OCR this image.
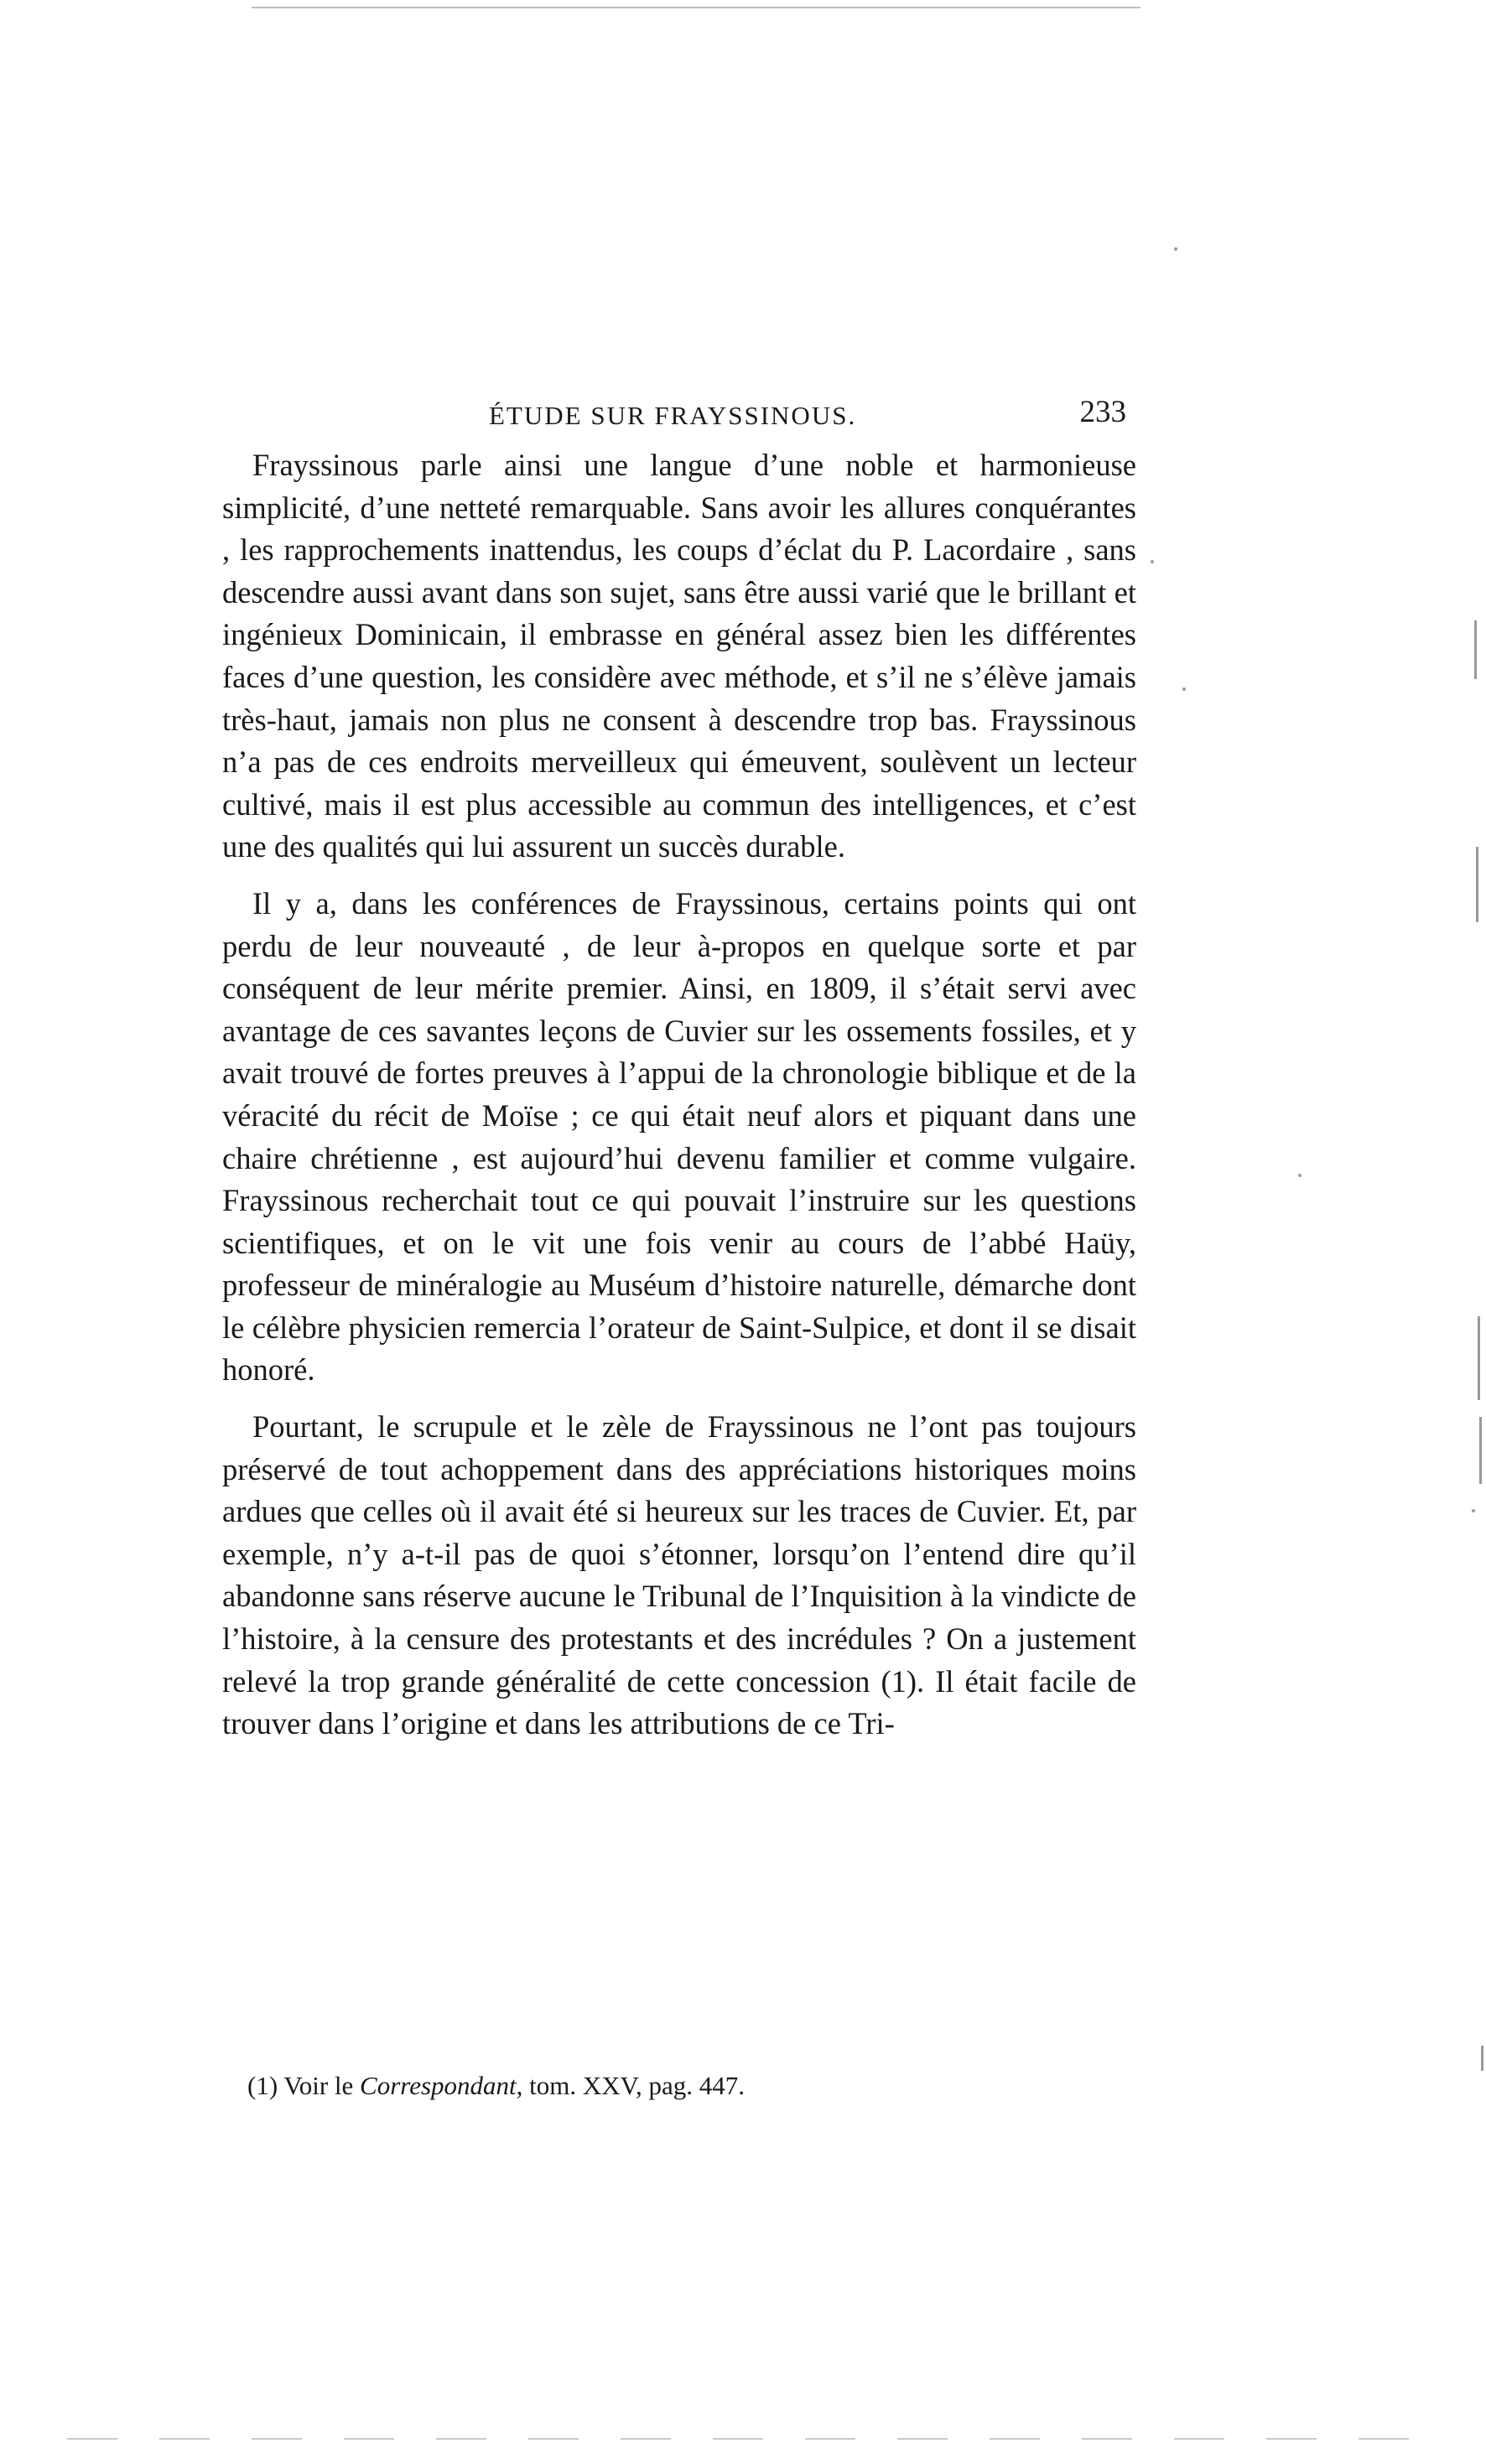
ÉTUDE SUR FRAYSSINOUS.	233

Frayssinous parle ainsi une langue d’une noble et harmonieuse simplicité, d’une netteté remarquable. Sans avoir les allures conquérantes , les rapprochements inattendus, les coups d’éclat du P. Lacordaire , sans descendre aussi avant dans son sujet, sans être aussi varié que le brillant et ingénieux Dominicain, il embrasse en général assez bien les différentes faces d’une question, les considère avec méthode, et s’il ne s’élève jamais très-haut, jamais non plus ne consent à descendre trop bas. Frayssinous n’a pas de ces endroits merveilleux qui émeuvent, soulèvent un lecteur cultivé, mais il est plus accessible au commun des intelligences, et c’est une des qualités qui lui assurent un succès durable.

Il y a, dans les conférences de Frayssinous, certains points qui ont perdu de leur nouveauté , de leur à-propos en quelque sorte et par conséquent de leur mérite premier. Ainsi, en 1809, il s’était servi avec avantage de ces savantes leçons de Cuvier sur les ossements fossiles, et y avait trouvé de fortes preuves à l’appui de la chronologie biblique et de la véracité du récit de Moïse ; ce qui était neuf alors et piquant dans une chaire chrétienne , est aujourd’hui devenu familier et comme vulgaire. Frayssinous recherchait tout ce qui pouvait l’instruire sur les questions scientifiques, et on le vit une fois venir au cours de l’abbé Haüy, professeur de minéralogie au Muséum d’histoire naturelle, démarche dont le célèbre physicien remercia l’orateur de Saint-Sulpice, et dont il se disait honoré.

Pourtant, le scrupule et le zèle de Frayssinous ne l’ont pas toujours préservé de tout achoppement dans des appréciations historiques moins ardues que celles où il avait été si heureux sur les traces de Cuvier. Et, par exemple, n’y a-t-il pas de quoi s’étonner, lorsqu’on l’entend dire qu’il abandonne sans réserve aucune le Tribunal de l’Inquisition à la vindicte de l’histoire, à la censure des protestants et des incrédules ? On a justement relevé la trop grande généralité de cette concession (1). Il était facile de trouver dans l’origine et dans les attributions de ce Tri-

(1) Voir le Correspondant, tom. XXV, pag. 447.
